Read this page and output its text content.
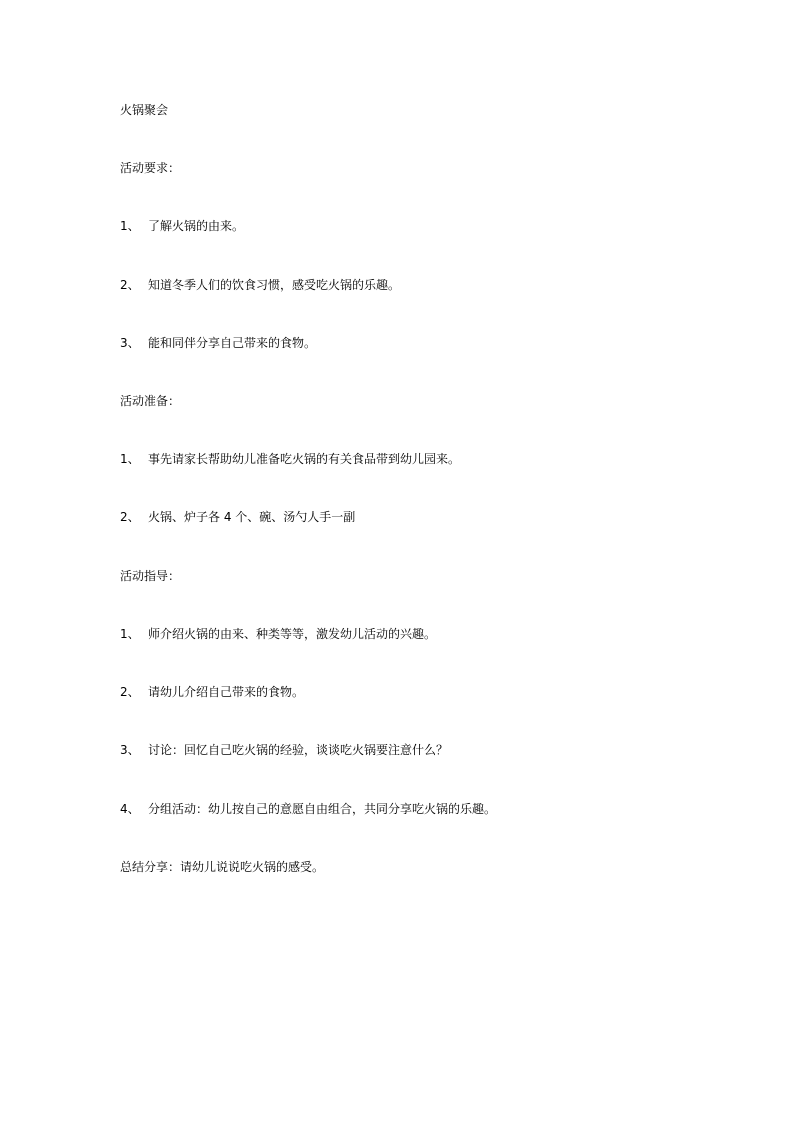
火锅聚会
活动要求：
1、 了解火锅的由来。
2、 知道冬季人们的饮食习惯，感受吃火锅的乐趣。
3、 能和同伴分享自己带来的食物。
活动准备：
1、 事先请家长帮助幼儿准备吃火锅的有关食品带到幼儿园来。
2、 火锅、炉子各 4 个、碗、汤勺人手一副
活动指导：
1、 师介绍火锅的由来、种类等等，激发幼儿活动的兴趣。
2、 请幼儿介绍自己带来的食物。
3、 讨论：回忆自己吃火锅的经验，谈谈吃火锅要注意什么？
4、 分组活动：幼儿按自己的意愿自由组合，共同分享吃火锅的乐趣。
总结分享：请幼儿说说吃火锅的感受。
